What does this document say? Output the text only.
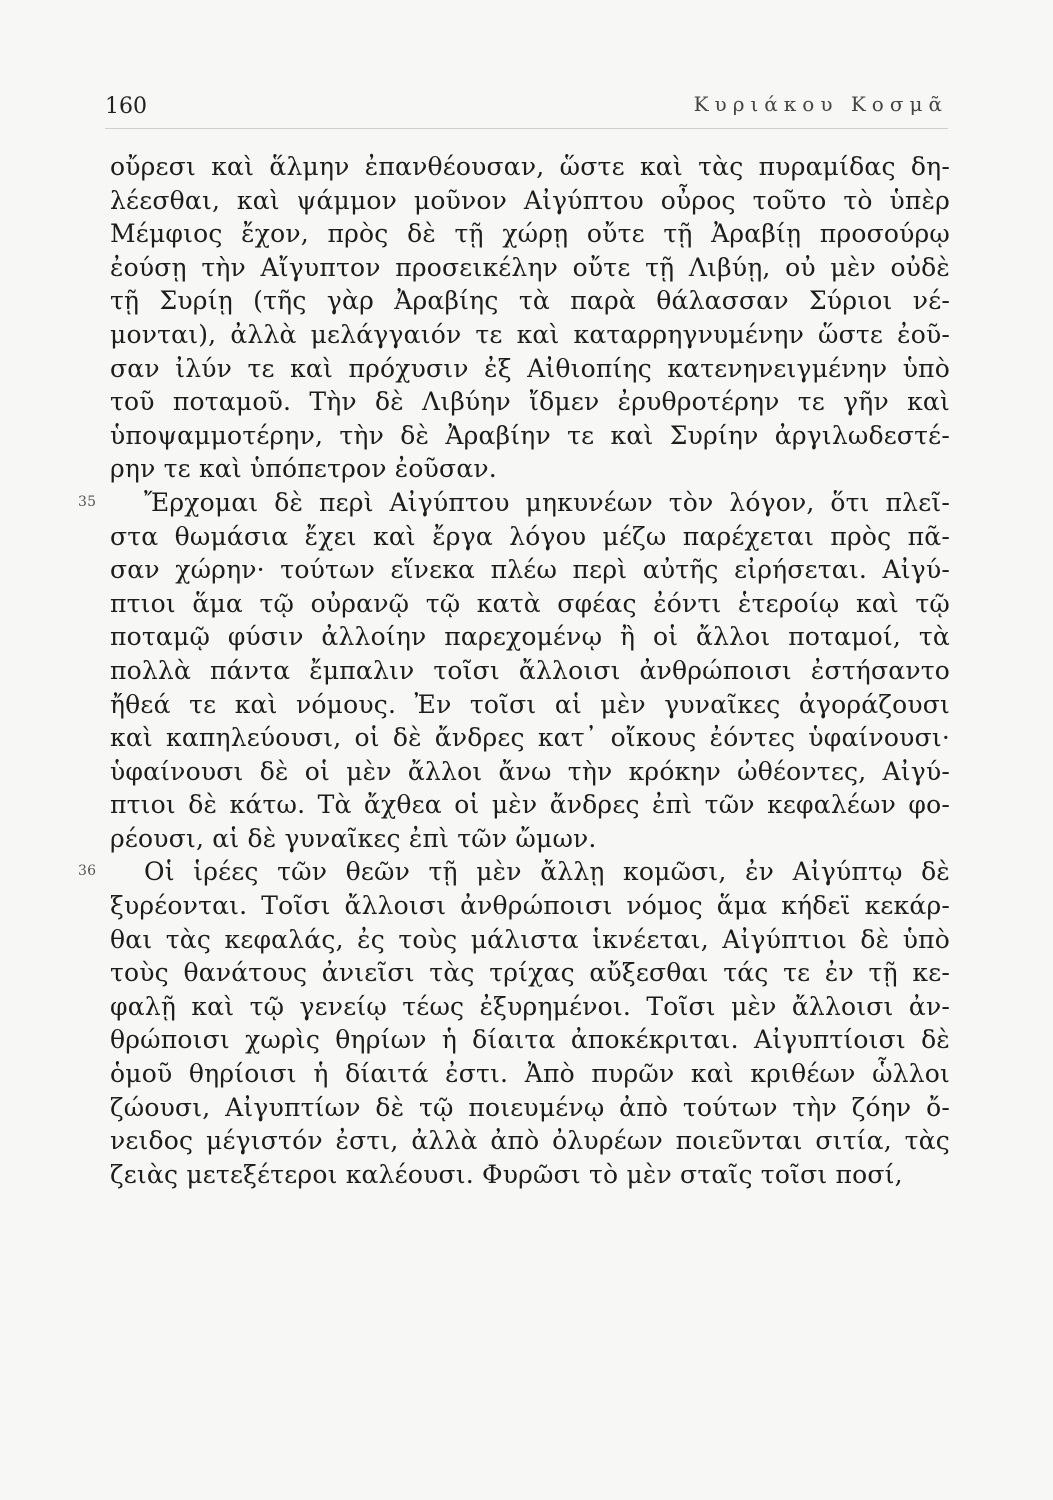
160	Κυριάκου Κοσμᾶ
οὔρεσι καὶ ἅλμην ἐπανθέουσαν, ὥστε καὶ τὰς πυραμίδας δη-
λέεσθαι, καὶ ψάμμον μοῦνον Αἰγύπτου οὖρος τοῦτο τὸ ὑπὲρ
Μέμφιος ἔχον, πρὸς δὲ τῇ χώρῃ οὔτε τῇ Ἀραβίῃ προσούρῳ
ἐούσῃ τὴν Αἴγυπτον προσεικέλην οὔτε τῇ Λιβύῃ, οὐ μὲν οὐδὲ
τῇ Συρίῃ (τῆς γὰρ Ἀραβίης τὰ παρὰ θάλασσαν Σύριοι νέ-
μονται), ἀλλὰ μελάγγαιόν τε καὶ καταρρηγνυμένην ὥστε ἐοῦ-
σαν ἰλύν τε καὶ πρόχυσιν ἐξ Αἰθιοπίης κατενηνειγμένην ὑπὸ
τοῦ ποταμοῦ. Τὴν δὲ Λιβύην ἴδμεν ἐρυθροτέρην τε γῆν καὶ
ὑποψαμμοτέρην, τὴν δὲ Ἀραβίην τε καὶ Συρίην ἀργιλωδεστέ-
ρην τε καὶ ὑπόπετρον ἐοῦσαν.
35 Ἔρχομαι δὲ περὶ Αἰγύπτου μηκυνέων τὸν λόγον, ὅτι πλεῖ-
στα θωμάσια ἔχει καὶ ἔργα λόγου μέζω παρέχεται πρὸς πᾶ-
σαν χώρην· τούτων εἵνεκα πλέω περὶ αὐτῆς εἰρήσεται. Αἰγύ-
πτιοι ἅμα τῷ οὐρανῷ τῷ κατὰ σφέας ἐόντι ἑτεροίῳ καὶ τῷ
ποταμῷ φύσιν ἀλλοίην παρεχομένῳ ἢ οἱ ἄλλοι ποταμοί, τὰ
πολλὰ πάντα ἔμπαλιν τοῖσι ἄλλοισι ἀνθρώποισι ἐστήσαντο
ἤθεά τε καὶ νόμους. Ἐν τοῖσι αἱ μὲν γυναῖκες ἀγοράζουσι
καὶ καπηλεύουσι, οἱ δὲ ἄνδρες κατ᾽ οἴκους ἐόντες ὑφαίνουσι·
ὑφαίνουσι δὲ οἱ μὲν ἄλλοι ἄνω τὴν κρόκην ὠθέοντες, Αἰγύ-
πτιοι δὲ κάτω. Τὰ ἄχθεα οἱ μὲν ἄνδρες ἐπὶ τῶν κεφαλέων φο-
ρέουσι, αἱ δὲ γυναῖκες ἐπὶ τῶν ὤμων.
36 Οἱ ἱρέες τῶν θεῶν τῇ μὲν ἄλλῃ κομῶσι, ἐν Αἰγύπτῳ δὲ
ξυρέονται. Τοῖσι ἄλλοισι ἀνθρώποισι νόμος ἅμα κήδεϊ κεκάρ-
θαι τὰς κεφαλάς, ἐς τοὺς μάλιστα ἱκνέεται, Αἰγύπτιοι δὲ ὑπὸ
τοὺς θανάτους ἀνιεῖσι τὰς τρίχας αὔξεσθαι τάς τε ἐν τῇ κε-
φαλῇ καὶ τῷ γενείῳ τέως ἐξυρημένοι. Τοῖσι μὲν ἄλλοισι ἀν-
θρώποισι χωρὶς θηρίων ἡ δίαιτα ἀποκέκριται. Αἰγυπτίοισι δὲ
ὁμοῦ θηρίοισι ἡ δίαιτά ἐστι. Ἀπὸ πυρῶν καὶ κριθέων ὧλλοι
ζώουσι, Αἰγυπτίων δὲ τῷ ποιευμένῳ ἀπὸ τούτων τὴν ζόην ὄ-
νειδος μέγιστόν ἐστι, ἀλλὰ ἀπὸ ὀλυρέων ποιεῦνται σιτία, τὰς
ζειὰς μετεξέτεροι καλέουσι. Φυρῶσι τὸ μὲν σταῖς τοῖσι ποσί,
